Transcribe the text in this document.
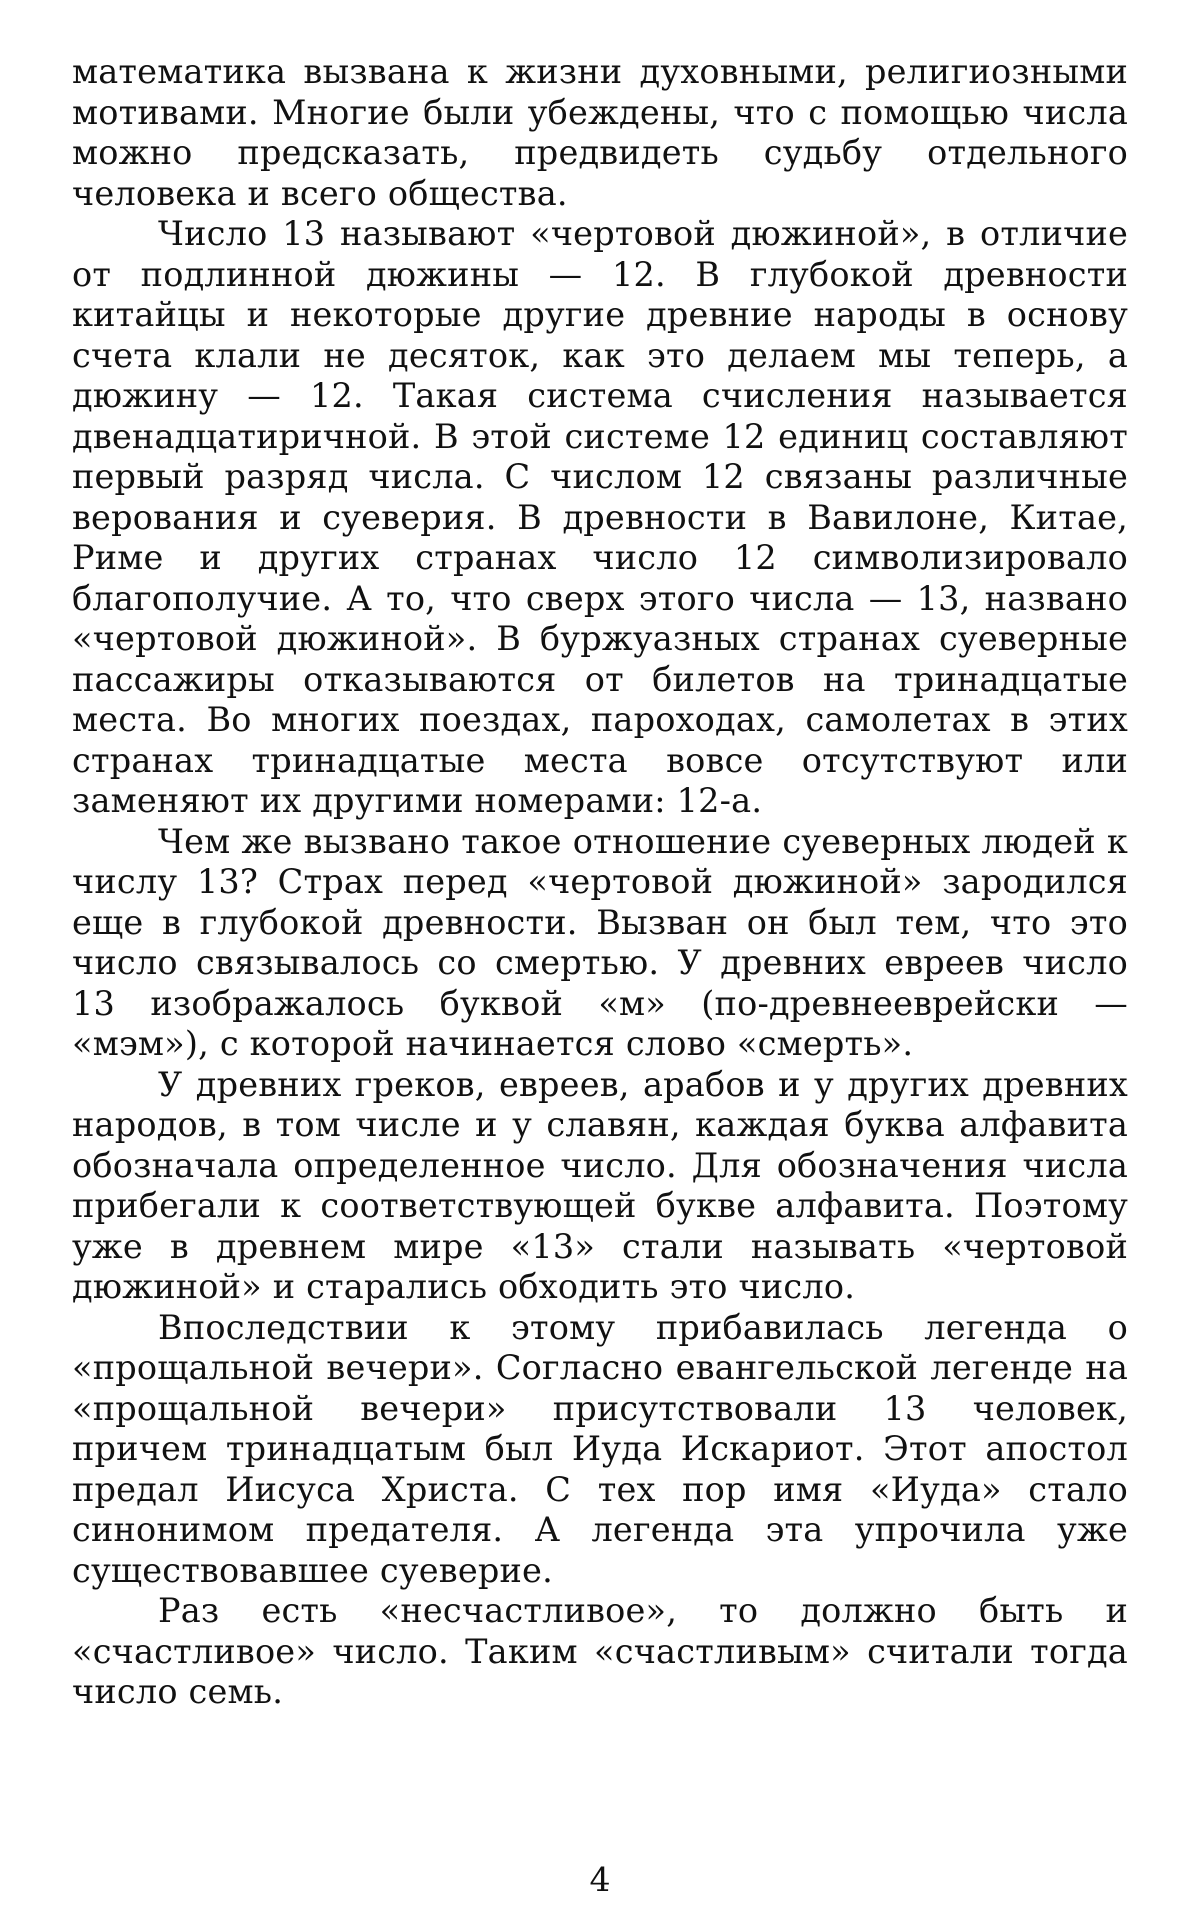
математика вызвана к жизни духовными, религиозными мотивами. Многие были убеждены, что с помощью числа можно предсказать, предвидеть судьбу отдельного человека и всего общества.

Число 13 называют «чертовой дюжиной», в отличие от подлинной дюжины — 12. В глубокой древности китайцы и некоторые другие древние народы в основу счета клали не десяток, как это делаем мы теперь, а дюжину — 12. Такая система счисления называется двенадцатиричной. В этой системе 12 единиц составляют первый разряд числа. С числом 12 связаны различные верования и суеверия. В древности в Вавилоне, Китае, Риме и других странах число 12 символизировало благополучие. А то, что сверх этого числа — 13, названо «чертовой дюжиной». В буржуазных странах суеверные пассажиры отказываются от билетов на тринадцатые места. Во многих поездах, пароходах, самолетах в этих странах тринадцатые места вовсе отсутствуют или заменяют их другими номерами: 12-а.

Чем же вызвано такое отношение суеверных людей к числу 13? Страх перед «чертовой дюжиной» зародился еще в глубокой древности. Вызван он был тем, что это число связывалось со смертью. У древних евреев число 13 изображалось буквой «м» (по-древнееврейски — «мэм»), с которой начинается слово «смерть».

У древних греков, евреев, арабов и у других древних народов, в том числе и у славян, каждая буква алфавита обозначала определенное число. Для обозначения числа прибегали к соответствующей букве алфавита. Поэтому уже в древнем мире «13» стали называть «чертовой дюжиной» и старались обходить это число.

Впоследствии к этому прибавилась легенда о «прощальной вечери». Согласно евангельской легенде на «прощальной вечери» присутствовали 13 человек, причем тринадцатым был Иуда Искариот. Этот апостол предал Иисуса Христа. С тех пор имя «Иуда» стало синонимом предателя. А легенда эта упрочила уже существовавшее суеверие.

Раз есть «несчастливое», то должно быть и «счастливое» число. Таким «счастливым» считали тогда число семь.

4
